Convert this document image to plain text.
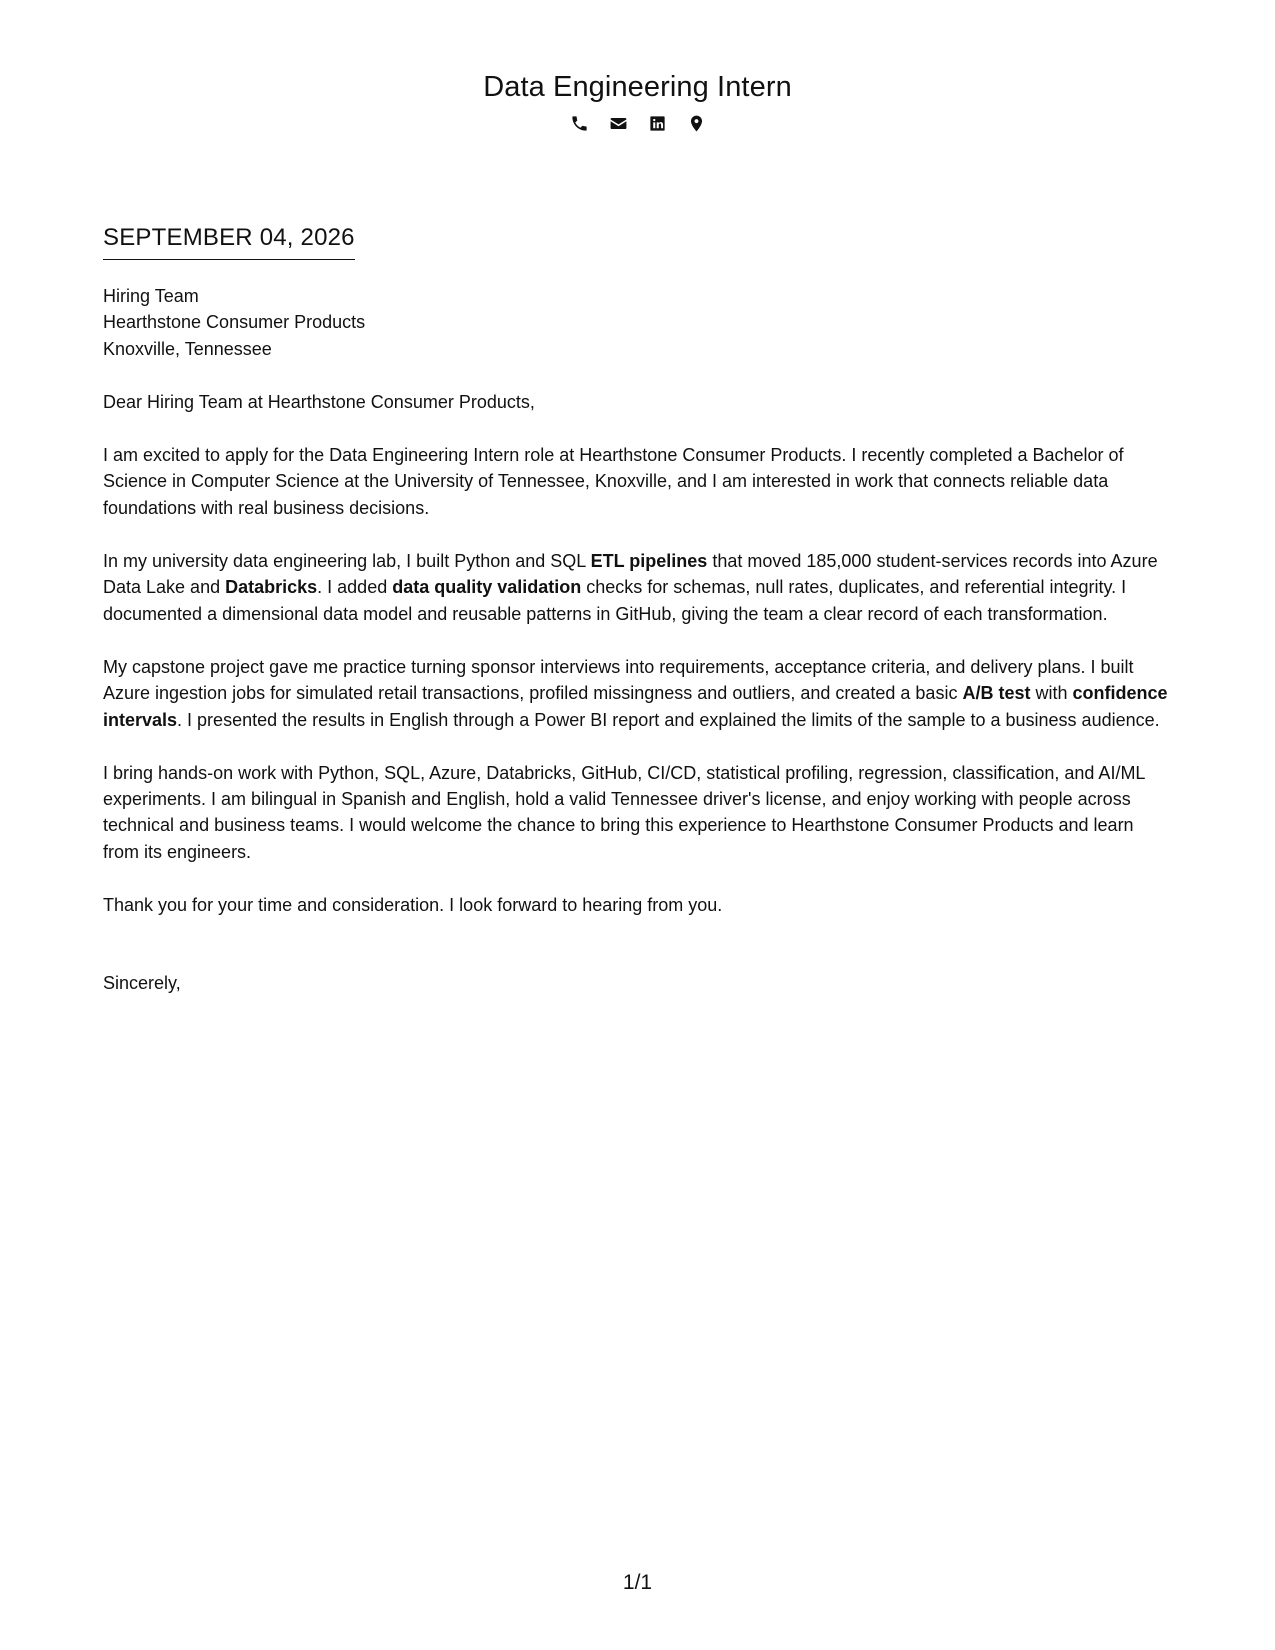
Data Engineering Intern
SEPTEMBER 04, 2026
Hiring Team
Hearthstone Consumer Products
Knoxville, Tennessee

Dear Hiring Team at Hearthstone Consumer Products,

I am excited to apply for the Data Engineering Intern role at Hearthstone Consumer Products. I recently completed a Bachelor of Science in Computer Science at the University of Tennessee, Knoxville, and I am interested in work that connects reliable data foundations with real business decisions.

In my university data engineering lab, I built Python and SQL ETL pipelines that moved 185,000 student-services records into Azure Data Lake and Databricks. I added data quality validation checks for schemas, null rates, duplicates, and referential integrity. I documented a dimensional data model and reusable patterns in GitHub, giving the team a clear record of each transformation.

My capstone project gave me practice turning sponsor interviews into requirements, acceptance criteria, and delivery plans. I built Azure ingestion jobs for simulated retail transactions, profiled missingness and outliers, and created a basic A/B test with confidence intervals. I presented the results in English through a Power BI report and explained the limits of the sample to a business audience.

I bring hands-on work with Python, SQL, Azure, Databricks, GitHub, CI/CD, statistical profiling, regression, classification, and AI/ML experiments. I am bilingual in Spanish and English, hold a valid Tennessee driver's license, and enjoy working with people across technical and business teams. I would welcome the chance to bring this experience to Hearthstone Consumer Products and learn from its engineers.

Thank you for your time and consideration. I look forward to hearing from you.

Sincerely,

1/1
